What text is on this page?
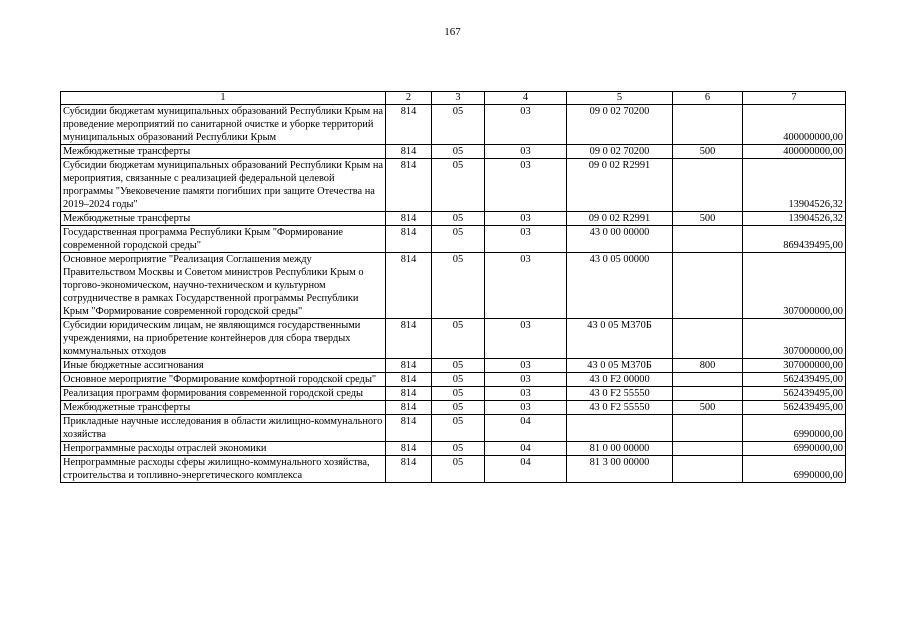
167
1	2	3	4	5	6	7
Субсидии бюджетам муниципальных образований Республики Крым на проведение мероприятий по санитарной очистке и уборке территорий муниципальных образований Республики Крым	814	05	03	09 0 02 70200		400000000,00
Межбюджетные трансферты	814	05	03	09 0 02 70200	500	400000000,00
Субсидии бюджетам муниципальных образований Республики Крым на мероприятия, связанные с реализацией федеральной целевой программы "Увековечение памяти погибших при защите Отечества на 2019–2024 годы"	814	05	03	09 0 02 R2991		13904526,32
Межбюджетные трансферты	814	05	03	09 0 02 R2991	500	13904526,32
Государственная программа Республики Крым "Формирование современной городской среды"	814	05	03	43 0 00 00000		869439495,00
Основное мероприятие "Реализация Соглашения между Правительством Москвы и Советом министров Республики Крым о торгово-экономическом, научно-техническом и культурном сотрудничестве в рамках Государственной программы Республики Крым "Формирование современной городской среды"	814	05	03	43 0 05 00000		307000000,00
Субсидии юридическим лицам, не являющимся государственными учреждениями, на приобретение контейнеров для сбора твердых коммунальных отходов	814	05	03	43 0 05 М370Б		307000000,00
Иные бюджетные ассигнования	814	05	03	43 0 05 М370Б	800	307000000,00
Основное мероприятие "Формирование комфортной городской среды"	814	05	03	43 0 F2 00000		562439495,00
Реализация программ формирования современной городской среды	814	05	03	43 0 F2 55550		562439495,00
Межбюджетные трансферты	814	05	03	43 0 F2 55550	500	562439495,00
Прикладные научные исследования в области жилищно-коммунального хозяйства	814	05	04			6990000,00
Непрограммные расходы отраслей экономики	814	05	04	81 0 00 00000		6990000,00
Непрограммные расходы сферы жилищно-коммунального хозяйства, строительства и топливно-энергетического комплекса	814	05	04	81 3 00 00000		6990000,00
